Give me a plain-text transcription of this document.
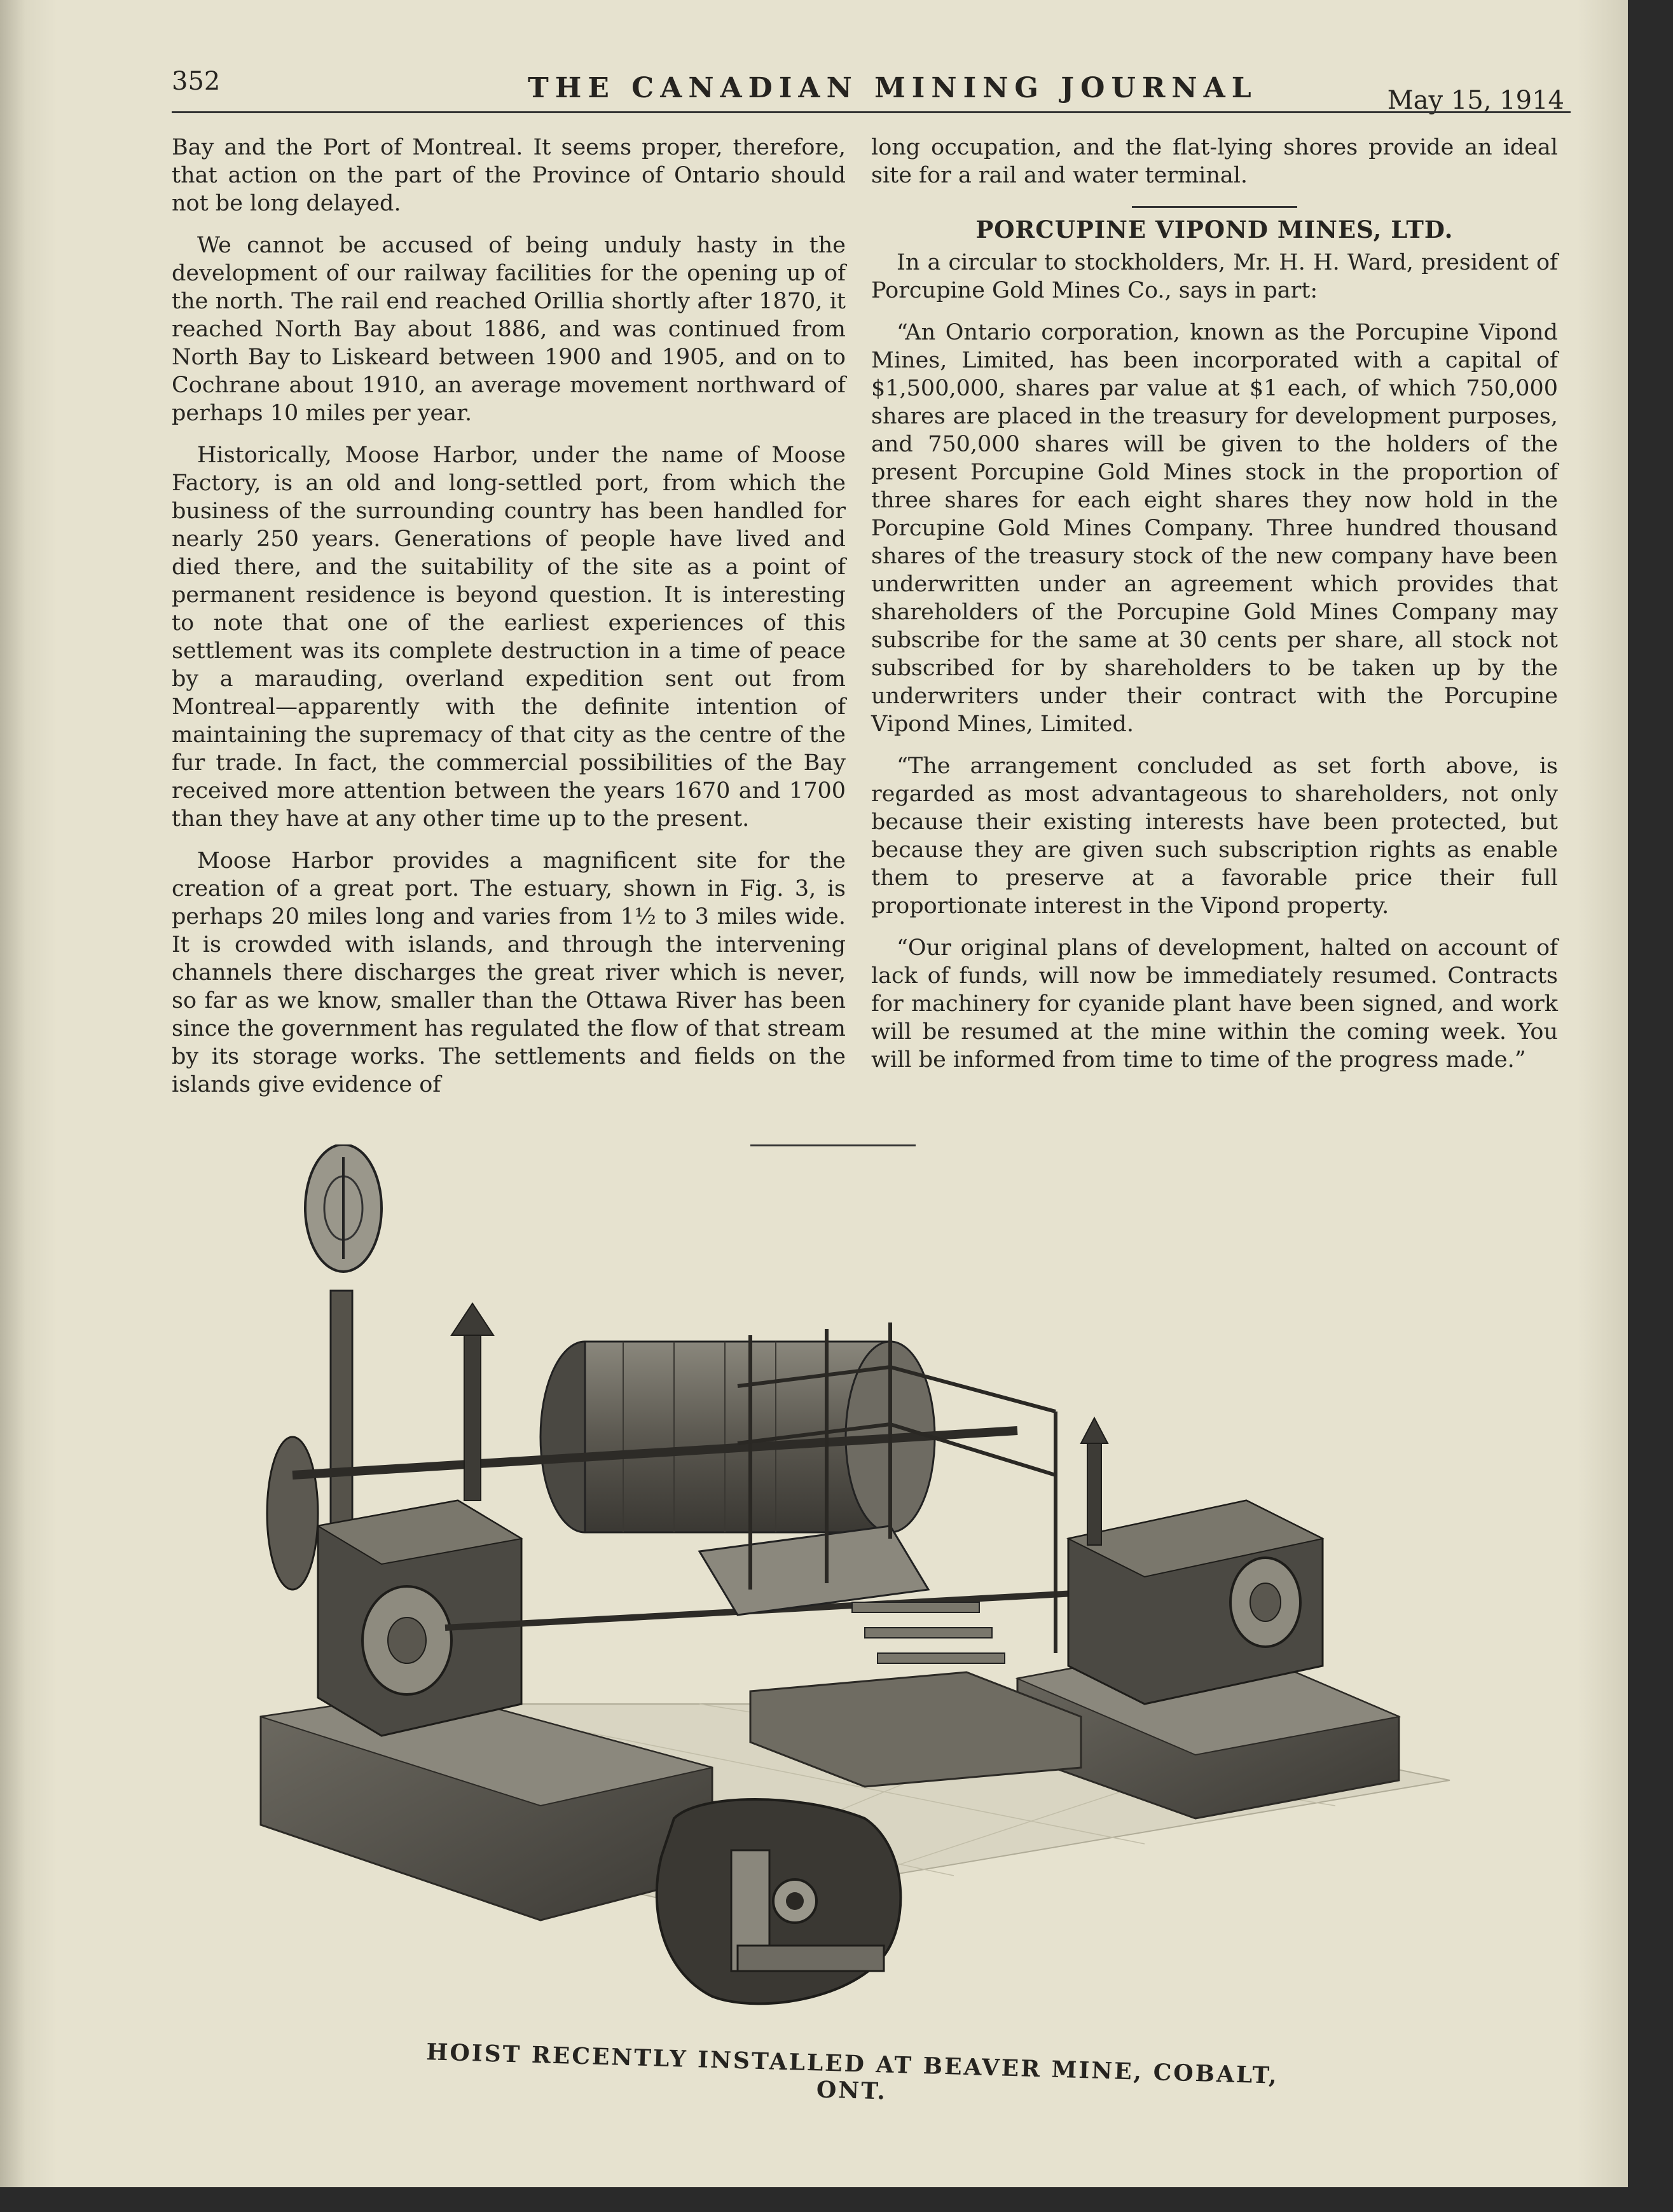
352	THE CANADIAN MINING JOURNAL	May 15, 1914

Bay and the Port of Montreal. It seems proper, therefore, that action on the part of the Province of Ontario should not be long delayed.

We cannot be accused of being unduly hasty in the development of our railway facilities for the opening up of the north. The rail end reached Orillia shortly after 1870, it reached North Bay about 1886, and was continued from North Bay to Liskeard between 1900 and 1905, and on to Cochrane about 1910, an average movement northward of perhaps 10 miles per year.

Historically, Moose Harbor, under the name of Moose Factory, is an old and long-settled port, from which the business of the surrounding country has been handled for nearly 250 years. Generations of people have lived and died there, and the suitability of the site as a point of permanent residence is beyond question. It is interesting to note that one of the earliest experiences of this settlement was its complete destruction in a time of peace by a marauding, overland expedition sent out from Montreal—apparently with the definite intention of maintaining the supremacy of that city as the centre of the fur trade. In fact, the commercial possibilities of the Bay received more attention between the years 1670 and 1700 than they have at any other time up to the present.

Moose Harbor provides a magnificent site for the creation of a great port. The estuary, shown in Fig. 3, is perhaps 20 miles long and varies from 1½ to 3 miles wide. It is crowded with islands, and through the intervening channels there discharges the great river which is never, so far as we know, smaller than the Ottawa River has been since the government has regulated the flow of that stream by its storage works. The settlements and fields on the islands give evidence of

long occupation, and the flat-lying shores provide an ideal site for a rail and water terminal.

PORCUPINE VIPOND MINES, LTD.

In a circular to stockholders, Mr. H. H. Ward, president of Porcupine Gold Mines Co., says in part:

“An Ontario corporation, known as the Porcupine Vipond Mines, Limited, has been incorporated with a capital of $1,500,000, shares par value at $1 each, of which 750,000 shares are placed in the treasury for development purposes, and 750,000 shares will be given to the holders of the present Porcupine Gold Mines stock in the proportion of three shares for each eight shares they now hold in the Porcupine Gold Mines Company. Three hundred thousand shares of the treasury stock of the new company have been underwritten under an agreement which provides that shareholders of the Porcupine Gold Mines Company may subscribe for the same at 30 cents per share, all stock not subscribed for by shareholders to be taken up by the underwriters under their contract with the Porcupine Vipond Mines, Limited.

“The arrangement concluded as set forth above, is regarded as most advantageous to shareholders, not only because their existing interests have been protected, but because they are given such subscription rights as enable them to preserve at a favorable price their full proportionate interest in the Vipond property.

“Our original plans of development, halted on account of lack of funds, will now be immediately resumed. Contracts for machinery for cyanide plant have been signed, and work will be resumed at the mine within the coming week. You will be informed from time to time of the progress made.”

HOIST RECENTLY INSTALLED AT BEAVER MINE, COBALT, ONT.
